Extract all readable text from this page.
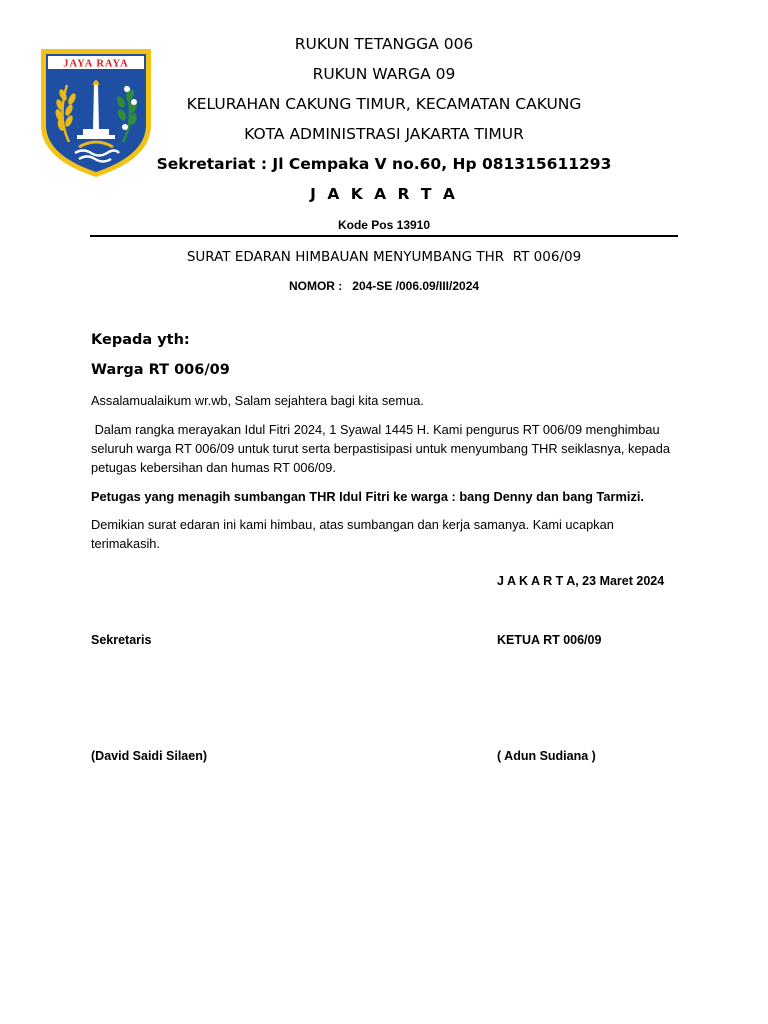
JAYA RAYA
RUKUN TETANGGA 006
RUKUN WARGA 09
KELURAHAN CAKUNG TIMUR, KECAMATAN CAKUNG
KOTA ADMINISTRASI JAKARTA TIMUR
Sekretariat : Jl Cempaka V no.60, Hp 081315611293
J A K A R T A
Kode Pos 13910
SURAT EDARAN HIMBAUAN MENYUMBANG THR  RT 006/09
NOMOR :   204-SE /006.09/III/2024
Kepada yth:
Warga RT 006/09
Assalamualaikum wr.wb, Salam sejahtera bagi kita semua.
Dalam rangka merayakan Idul Fitri 2024, 1 Syawal 1445 H. Kami pengurus RT 006/09 menghimbau seluruh warga RT 006/09 untuk turut serta berpastisipasi untuk menyumbang THR seiklasnya, kepada petugas kebersihan dan humas RT 006/09.
Petugas yang menagih sumbangan THR Idul Fitri ke warga : bang Denny dan bang Tarmizi.
Demikian surat edaran ini kami himbau, atas sumbangan dan kerja samanya. Kami ucapkan terimakasih.
J A K A R T A, 23 Maret 2024
Sekretaris	KETUA RT 006/09
(David Saidi Silaen)	( Adun Sudiana )
